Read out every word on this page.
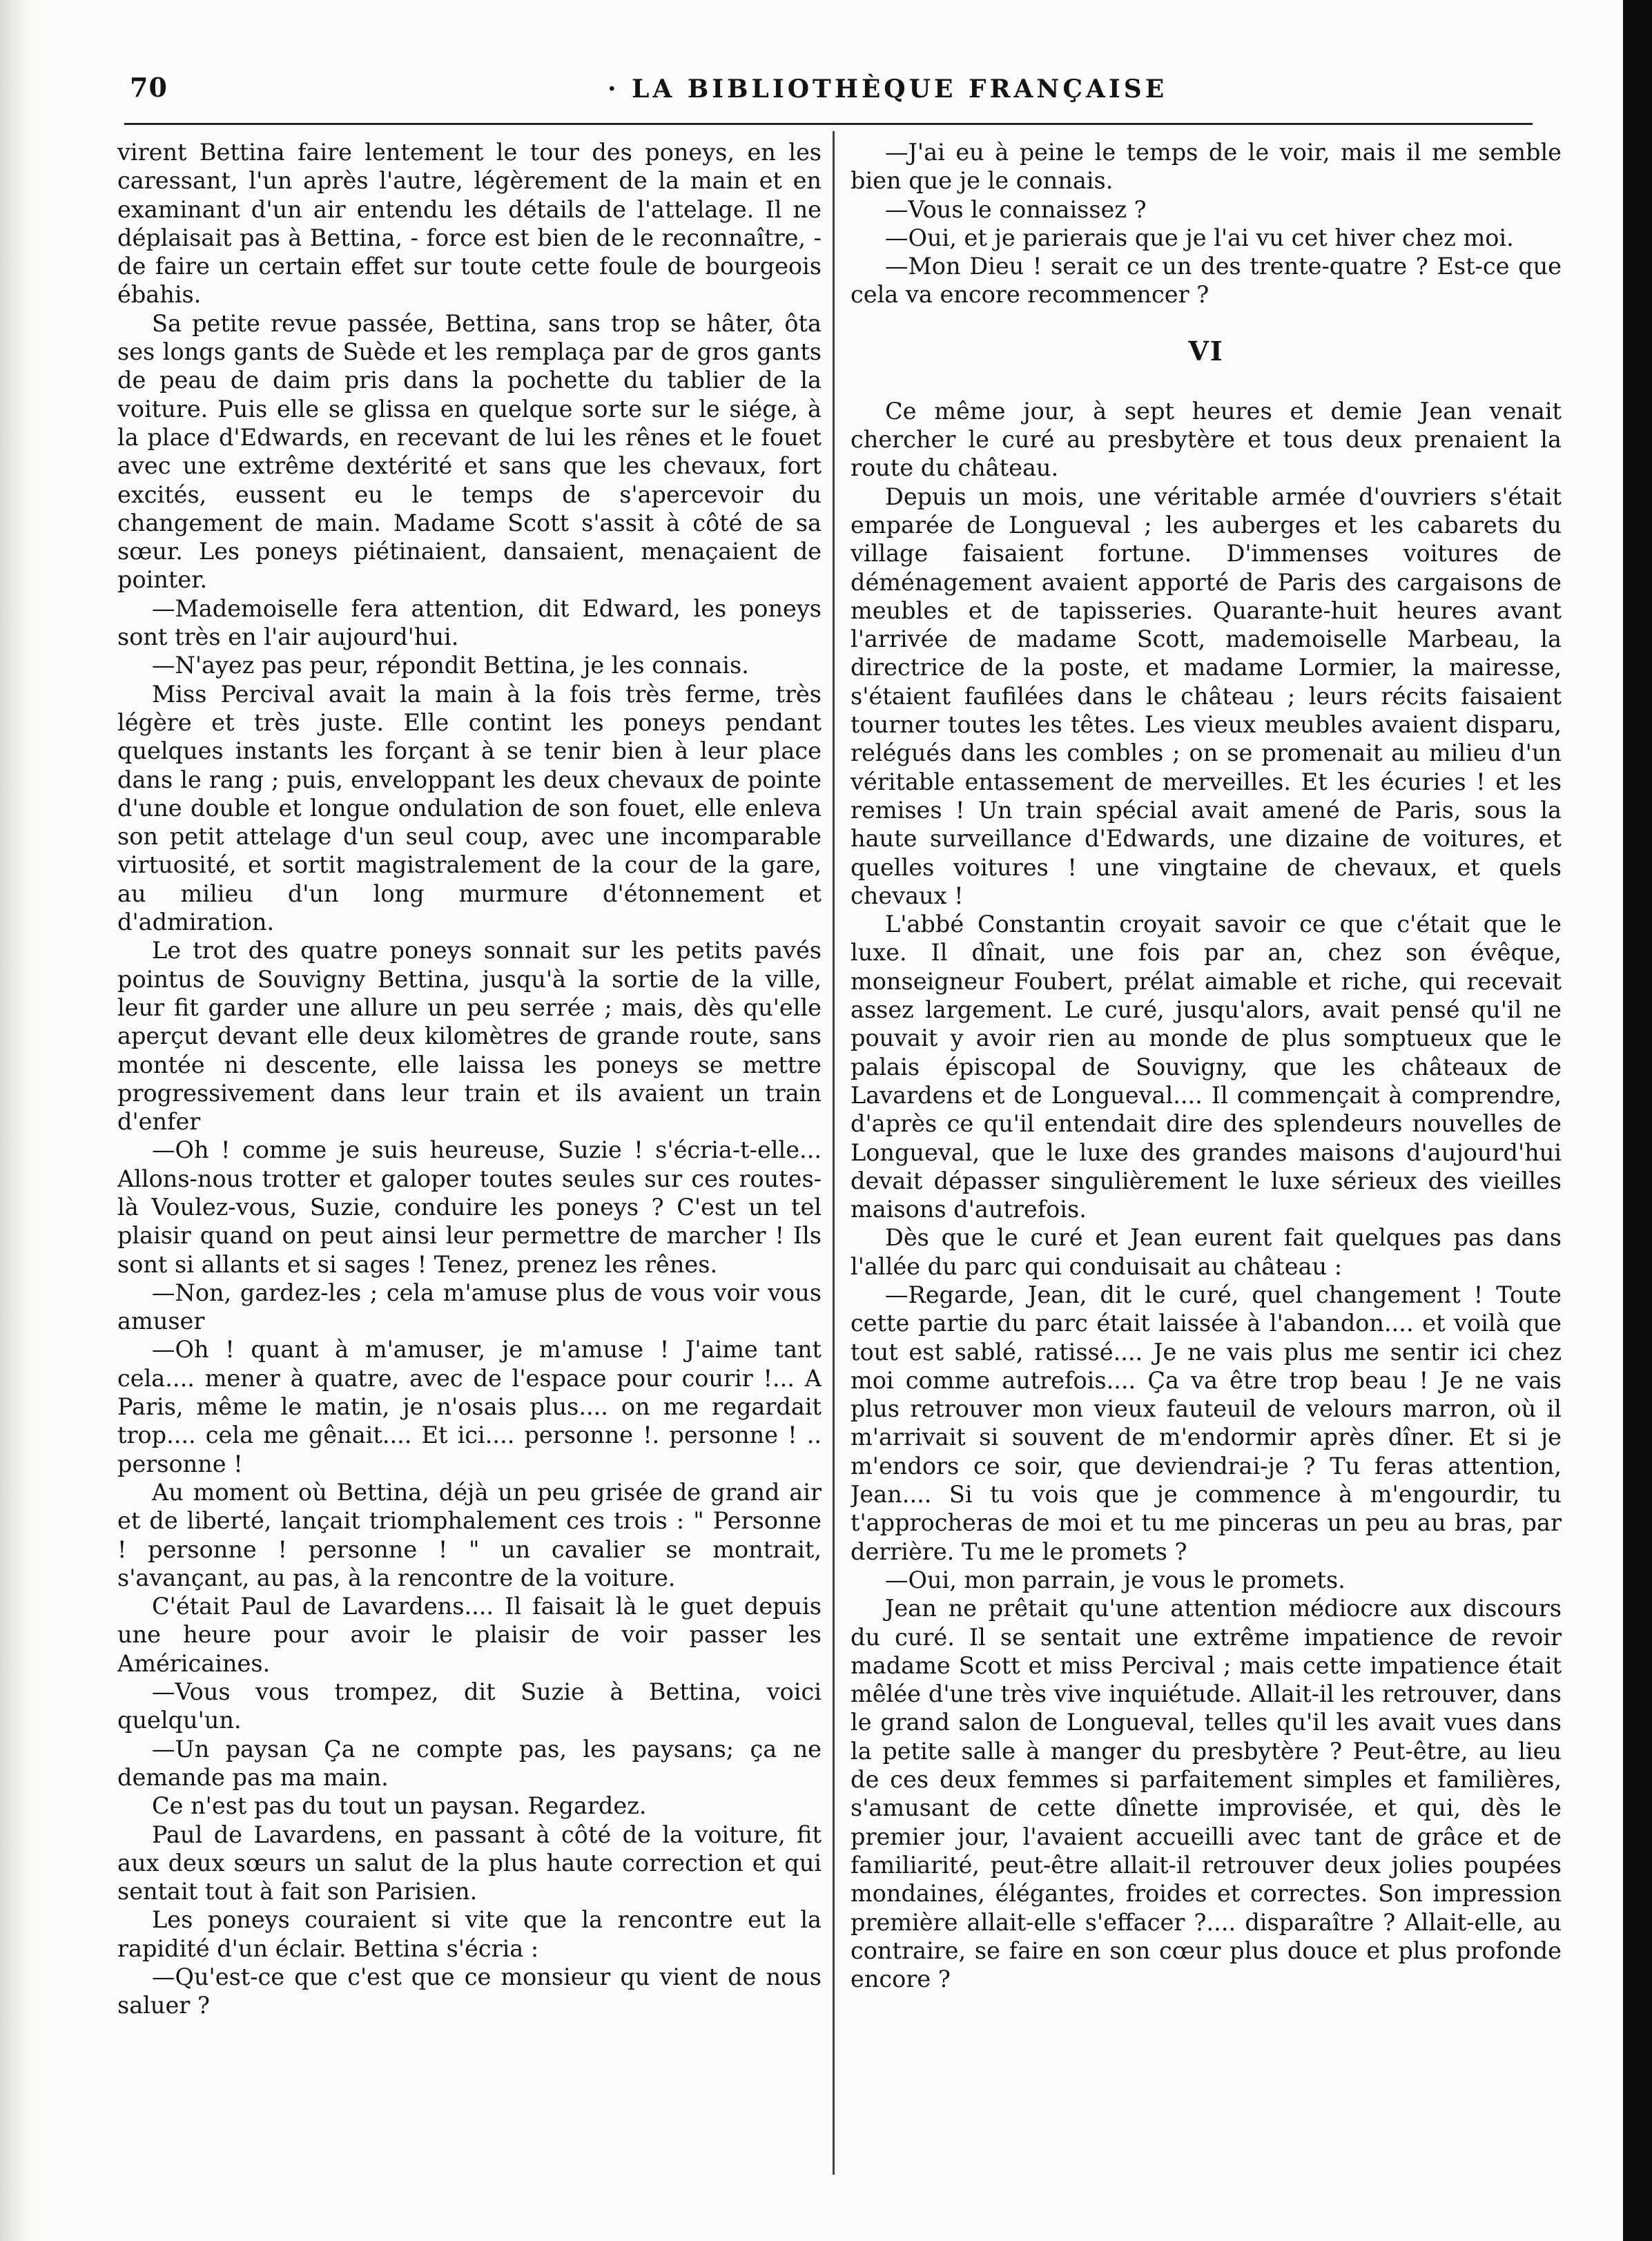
70	· LA BIBLIOTHÈQUE FRANÇAISE

virent Bettina faire lentement le tour des poneys, en les caressant, l'un après l'autre, légèrement de la main et en examinant d'un air entendu les détails de l'attelage. Il ne déplaisait pas à Bettina, - force est bien de le reconnaître, - de faire un certain effet sur toute cette foule de bourgeois ébahis.

Sa petite revue passée, Bettina, sans trop se hâter, ôta ses longs gants de Suède et les remplaça par de gros gants de peau de daim pris dans la pochette du tablier de la voiture. Puis elle se glissa en quelque sorte sur le siége, à la place d'Edwards, en recevant de lui les rênes et le fouet avec une extrême dextérité et sans que les chevaux, fort excités, eussent eu le temps de s'apercevoir du changement de main. Madame Scott s'assit à côté de sa sœur. Les poneys piétinaient, dansaient, menaçaient de pointer.

—Mademoiselle fera attention, dit Edward, les poneys sont très en l'air aujourd'hui.

—N'ayez pas peur, répondit Bettina, je les connais.

Miss Percival avait la main à la fois très ferme, très légère et très juste. Elle contint les poneys pendant quelques instants les forçant à se tenir bien à leur place dans le rang ; puis, enveloppant les deux chevaux de pointe d'une double et longue ondulation de son fouet, elle enleva son petit attelage d'un seul coup, avec une incomparable virtuosité, et sortit magistralement de la cour de la gare, au milieu d'un long murmure d'étonnement et d'admiration.

Le trot des quatre poneys sonnait sur les petits pavés pointus de Souvigny Bettina, jusqu'à la sortie de la ville, leur fit garder une allure un peu serrée ; mais, dès qu'elle aperçut devant elle deux kilomètres de grande route, sans montée ni descente, elle laissa les poneys se mettre progressivement dans leur train et ils avaient un train d'enfer

—Oh ! comme je suis heureuse, Suzie ! s'écria-t-elle... Allons-nous trotter et galoper toutes seules sur ces routes-là Voulez-vous, Suzie, conduire les poneys ? C'est un tel plaisir quand on peut ainsi leur permettre de marcher ! Ils sont si allants et si sages ! Tenez, prenez les rênes.

—Non, gardez-les ; cela m'amuse plus de vous voir vous amuser

—Oh ! quant à m'amuser, je m'amuse ! J'aime tant cela.... mener à quatre, avec de l'espace pour courir !... A Paris, même le matin, je n'osais plus.... on me regardait trop.... cela me gênait.... Et ici.... personne !. personne ! .. personne !

Au moment où Bettina, déjà un peu grisée de grand air et de liberté, lançait triomphalement ces trois : " Personne ! personne ! personne ! " un cavalier se montrait, s'avançant, au pas, à la rencontre de la voiture.

C'était Paul de Lavardens.... Il faisait là le guet depuis une heure pour avoir le plaisir de voir passer les Américaines.

—Vous vous trompez, dit Suzie à Bettina, voici quelqu'un.

—Un paysan Ça ne compte pas, les paysans; ça ne demande pas ma main.

Ce n'est pas du tout un paysan. Regardez.

Paul de Lavardens, en passant à côté de la voiture, fit aux deux sœurs un salut de la plus haute correction et qui sentait tout à fait son Parisien.

Les poneys couraient si vite que la rencontre eut la rapidité d'un éclair. Bettina s'écria :

—Qu'est-ce que c'est que ce monsieur qu vient de nous saluer ?

—J'ai eu à peine le temps de le voir, mais il me semble bien que je le connais.

—Vous le connaissez ?

—Oui, et je parierais que je l'ai vu cet hiver chez moi.

—Mon Dieu ! serait ce un des trente-quatre ? Est-ce que cela va encore recommencer ?

VI

Ce même jour, à sept heures et demie Jean venait chercher le curé au presbytère et tous deux prenaient la route du château.

Depuis un mois, une véritable armée d'ouvriers s'était emparée de Longueval ; les auberges et les cabarets du village faisaient fortune. D'immenses voitures de déménagement avaient apporté de Paris des cargaisons de meubles et de tapisseries. Quarante-huit heures avant l'arrivée de madame Scott, mademoiselle Marbeau, la directrice de la poste, et madame Lormier, la mairesse, s'étaient faufilées dans le château ; leurs récits faisaient tourner toutes les têtes. Les vieux meubles avaient disparu, relégués dans les combles ; on se promenait au milieu d'un véritable entassement de merveilles. Et les écuries ! et les remises ! Un train spécial avait amené de Paris, sous la haute surveillance d'Edwards, une dizaine de voitures, et quelles voitures ! une vingtaine de chevaux, et quels chevaux !

L'abbé Constantin croyait savoir ce que c'était que le luxe. Il dînait, une fois par an, chez son évêque, monseigneur Foubert, prélat aimable et riche, qui recevait assez largement. Le curé, jusqu'alors, avait pensé qu'il ne pouvait y avoir rien au monde de plus somptueux que le palais épiscopal de Souvigny, que les châteaux de Lavardens et de Longueval.... Il commençait à comprendre, d'après ce qu'il entendait dire des splendeurs nouvelles de Longueval, que le luxe des grandes maisons d'aujourd'hui devait dépasser singulièrement le luxe sérieux des vieilles maisons d'autrefois.

Dès que le curé et Jean eurent fait quelques pas dans l'allée du parc qui conduisait au château :

—Regarde, Jean, dit le curé, quel changement ! Toute cette partie du parc était laissée à l'abandon.... et voilà que tout est sablé, ratissé.... Je ne vais plus me sentir ici chez moi comme autrefois.... Ça va être trop beau ! Je ne vais plus retrouver mon vieux fauteuil de velours marron, où il m'arrivait si souvent de m'endormir après dîner. Et si je m'endors ce soir, que deviendrai-je ? Tu feras attention, Jean.... Si tu vois que je commence à m'engourdir, tu t'approcheras de moi et tu me pinceras un peu au bras, par derrière. Tu me le promets ?

—Oui, mon parrain, je vous le promets.

Jean ne prêtait qu'une attention médiocre aux discours du curé. Il se sentait une extrême impatience de revoir madame Scott et miss Percival ; mais cette impatience était mêlée d'une très vive inquiétude. Allait-il les retrouver, dans le grand salon de Longueval, telles qu'il les avait vues dans la petite salle à manger du presbytère ? Peut-être, au lieu de ces deux femmes si parfaitement simples et familières, s'amusant de cette dînette improvisée, et qui, dès le premier jour, l'avaient accueilli avec tant de grâce et de familiarité, peut-être allait-il retrouver deux jolies poupées mondaines, élégantes, froides et correctes. Son impression première allait-elle s'effacer ?.... disparaître ? Allait-elle, au contraire, se faire en son cœur plus douce et plus profonde encore ?
